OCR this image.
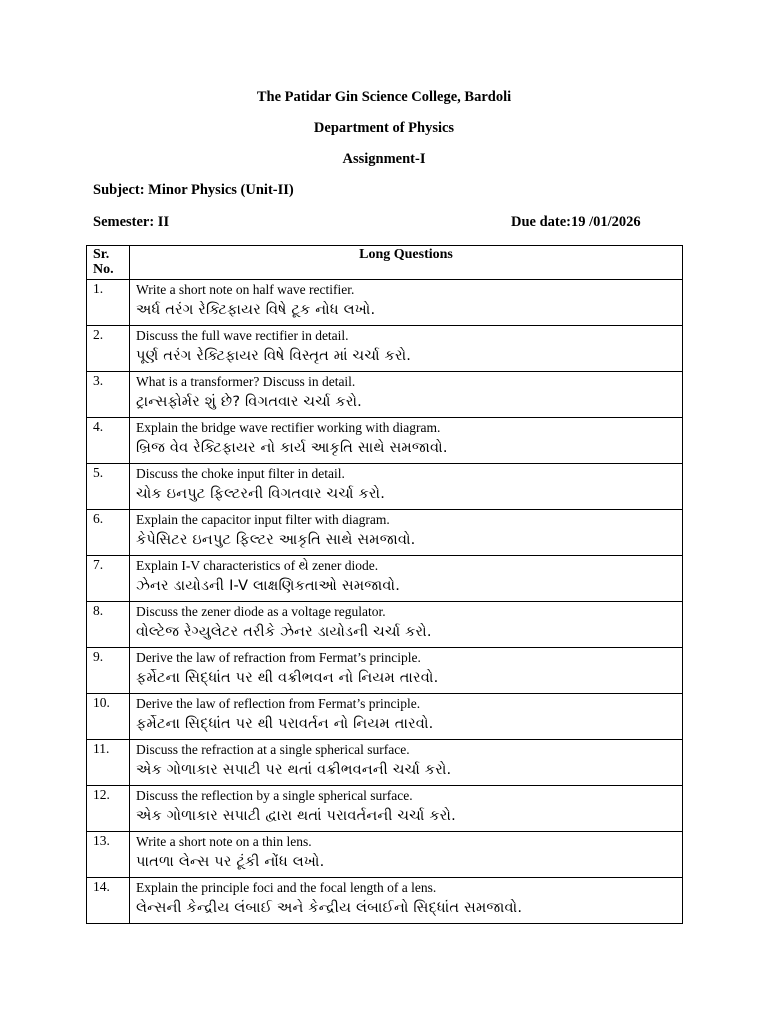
The Patidar Gin Science College, Bardoli
Department of Physics
Assignment-I
Subject: Minor Physics (Unit-II)
Semester: II	Due date:19 /01/2026
Sr. No.	Long Questions
1.	Write a short note on half wave rectifier.
અર્ધ તરંગ રેક્ટિફાયર વિષે ટૂક નોધ લખો.

2.	Discuss the full wave rectifier in detail.
પૂર્ણ તરંગ રેક્ટિફાયર વિષે વિસ્તૃત માં ચર્ચા કરો.

3.	What is a transformer? Discuss in detail.
ટ્રાન્સફોર્મર શું છે? વિગતવાર ચર્ચા કરો.

4.	Explain the bridge wave rectifier working with diagram.
બ્રિજ વેવ રેક્ટિફાયર નો કાર્ય આકૃતિ સાથે સમજાવો.

5.	Discuss the choke input filter in detail.
ચોક ઇનપુટ ફિલ્ટરની વિગતવાર ચર્ચા કરો.

6.	Explain the capacitor input filter with diagram.
કેપેસિટર ઇનપુટ ફિલ્ટર આકૃતિ સાથે સમજાવો.

7.	Explain I-V characteristics of થે zener diode.
ઝેનર ડાયોડની I-V લાક્ષણિકતાઓ સમજાવો.

8.	Discuss the zener diode as a voltage regulator.
વોલ્ટેજ રેગ્યુલેટર તરીકે ઝેનર ડાયોડની ચર્ચા કરો.

9.	Derive the law of refraction from Fermat’s principle.
ફર્મેટના સિદ્ધાંત પર થી વક્રીભવન નો નિયમ તારવો.

10.	Derive the law of reflection from Fermat’s principle.
ફર્મેટના સિદ્ધાંત પર થી પરાવર્તન નો નિયમ તારવો.

11.	Discuss the refraction at a single spherical surface.
એક ગોળાકાર સપાટી પર થતાં વક્રીભવનની ચર્ચા કરો.

12.	Discuss the reflection by a single spherical surface.
એક ગોળાકાર સપાટી દ્વારા થતાં પરાવર્તનની ચર્ચા કરો.

13.	Write a short note on a thin lens.
પાતળા લેન્સ પર ટૂંકી નોંધ લખો.

14.	Explain the principle foci and the focal length of a lens.
લેન્સની કેન્દ્રીય લંબાઈ અને કેન્દ્રીય લંબાઈનો સિદ્ધાંત સમજાવો.
